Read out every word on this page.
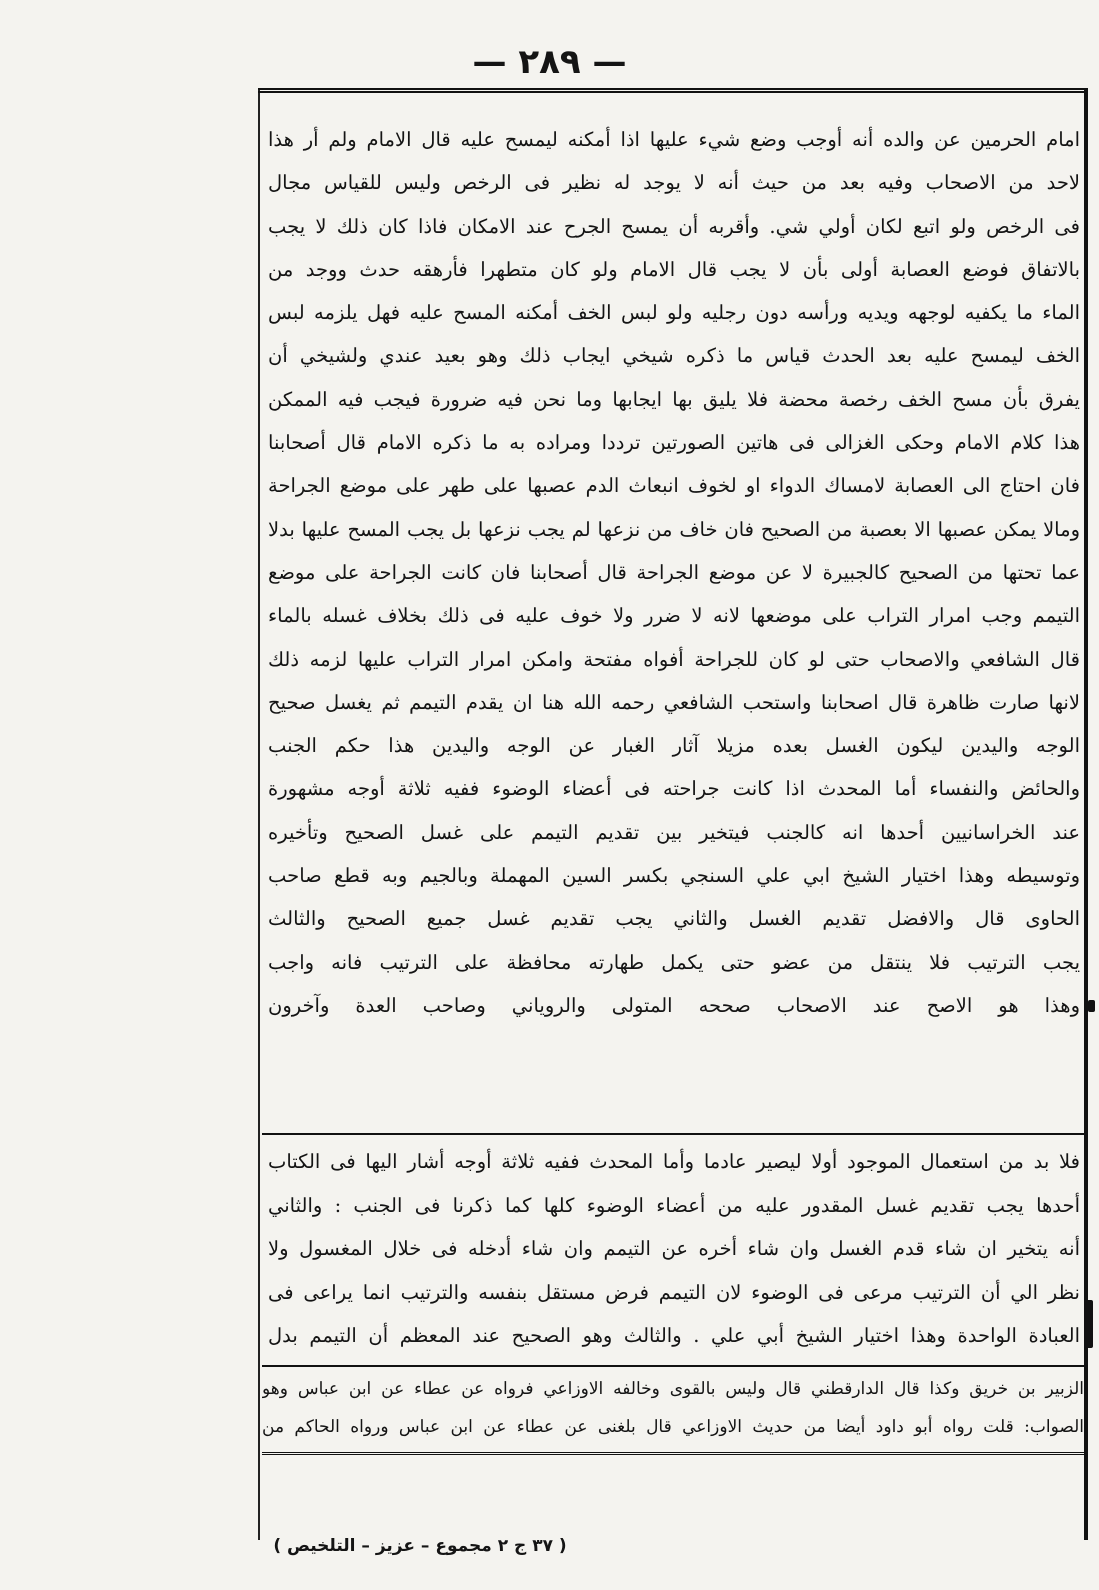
— ٢٨٩ —
امام الحرمين عن والده أنه أوجب وضع شيء عليها اذا أمكنه ليمسح عليه قال الامام ولم أر هذا
لاحد من الاصحاب وفيه بعد من حيث أنه لا يوجد له نظير فى الرخص وليس للقياس مجال
فى الرخص ولو اتبع لكان أولي شي. وأقربه أن يمسح الجرح عند الامكان فاذا كان ذلك لا يجب
بالاتفاق فوضع العصابة أولى بأن لا يجب قال الامام ولو كان متطهرا فأرهقه حدث ووجد من
الماء ما يكفيه لوجهه ويديه ورأسه دون رجليه ولو لبس الخف أمكنه المسح عليه فهل يلزمه لبس
الخف ليمسح عليه بعد الحدث قياس ما ذكره شيخي ايجاب ذلك وهو بعيد عندي ولشيخي أن
يفرق بأن مسح الخف رخصة محضة فلا يليق بها ايجابها وما نحن فيه ضرورة فيجب فيه الممكن
هذا كلام الامام وحكى الغزالى فى هاتين الصورتين ترددا ومراده به ما ذكره الامام قال أصحابنا
فان احتاج الى العصابة لامساك الدواء او لخوف انبعاث الدم عصبها على طهر على موضع الجراحة
ومالا يمكن عصبها الا بعصبة من الصحيح فان خاف من نزعها لم يجب نزعها بل يجب المسح عليها بدلا
عما تحتها من الصحيح كالجبيرة لا عن موضع الجراحة قال أصحابنا فان كانت الجراحة على موضع
التيمم وجب امرار التراب على موضعها لانه لا ضرر ولا خوف عليه فى ذلك بخلاف غسله بالماء
قال الشافعي والاصحاب حتى لو كان للجراحة أفواه مفتحة وامكن امرار التراب عليها لزمه ذلك
لانها صارت ظاهرة قال اصحابنا واستحب الشافعي رحمه الله هنا ان يقدم التيمم ثم يغسل صحيح
الوجه واليدين ليكون الغسل بعده مزيلا آثار الغبار عن الوجه واليدين هذا حكم الجنب
والحائض والنفساء أما المحدث اذا كانت جراحته فى أعضاء الوضوء ففيه ثلاثة أوجه مشهورة
عند الخراسانيين أحدها انه كالجنب فيتخير بين تقديم التيمم على غسل الصحيح وتأخيره
وتوسيطه وهذا اختيار الشيخ ابي علي السنجي بكسر السين المهملة وبالجيم وبه قطع صاحب
الحاوى قال والافضل تقديم الغسل والثاني يجب تقديم غسل جميع الصحيح والثالث
يجب الترتيب فلا ينتقل من عضو حتى يكمل طهارته محافظة على الترتيب فانه واجب
وهذا هو الاصح عند الاصحاب صححه المتولى والروياني وصاحب العدة وآخرون
فلا بد من استعمال الموجود أولا ليصير عادما وأما المحدث ففيه ثلاثة أوجه أشار اليها فى الكتاب
أحدها يجب تقديم غسل المقدور عليه من أعضاء الوضوء كلها كما ذكرنا فى الجنب : والثاني
أنه يتخير ان شاء قدم الغسل وان شاء أخره عن التيمم وان شاء أدخله فى خلال المغسول ولا
نظر الي أن الترتيب مرعى فى الوضوء لان التيمم فرض مستقل بنفسه والترتيب انما يراعى فى
العبادة الواحدة وهذا اختيار الشيخ أبي علي . والثالث وهو الصحيح عند المعظم أن التيمم بدل
الزبير بن خريق وكذا قال الدارقطني قال وليس بالقوى وخالفه الاوزاعي فرواه عن عطاء عن ابن عباس وهو
الصواب: قلت رواه أبو داود أيضا من حديث الاوزاعي قال بلغنى عن عطاء عن ابن عباس ورواه الحاكم من
( ٣٧ ج ٢ مجموع – عزيز – التلخيص )
